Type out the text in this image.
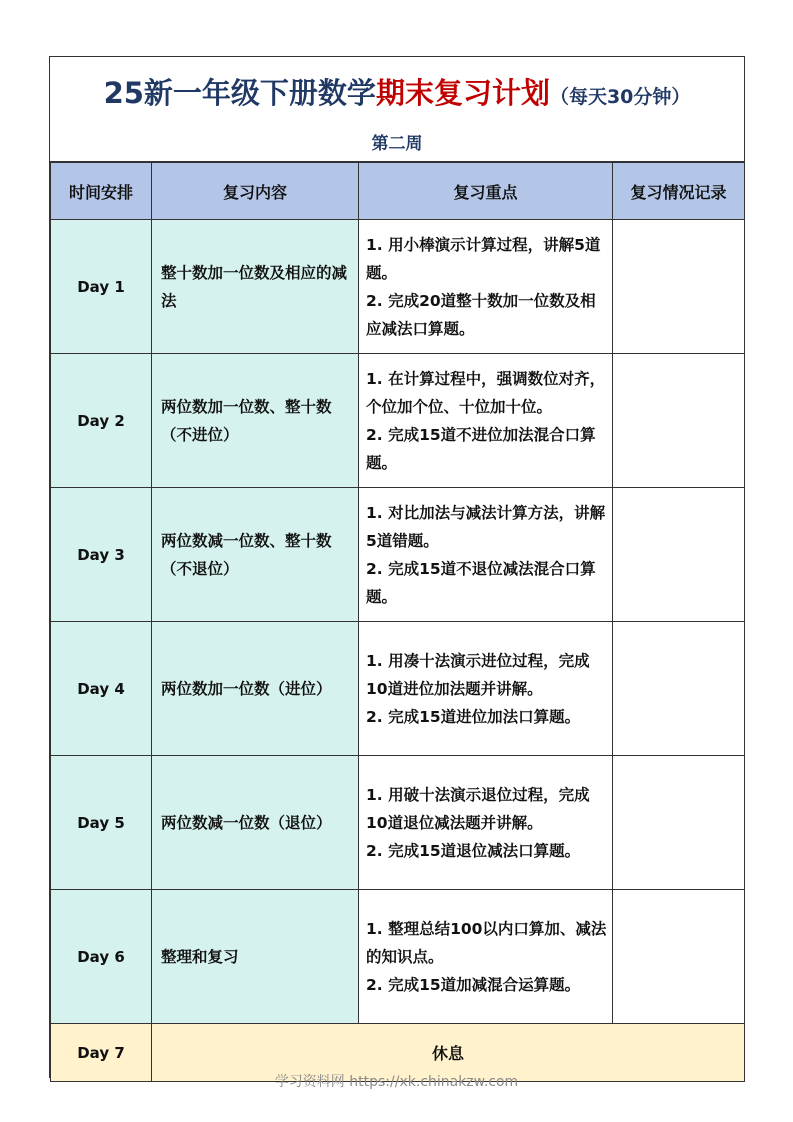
25新一年级下册数学期末复习计划（每天30分钟）
第二周
时间安排	复习内容	复习重点	复习情况记录
Day 1	整十数加一位数及相应的减法	1. 用小棒演示计算过程，讲解5道题。
2. 完成20道整十数加一位数及相应减法口算题。	

Day 2	两位数加一位数、整十数（不进位）	1. 在计算过程中，强调数位对齐，个位加个位、十位加十位。
2. 完成15道不进位加法混合口算题。	

Day 3	两位数减一位数、整十数（不退位）	1. 对比加法与减法计算方法，讲解5道错题。
2. 完成15道不退位减法混合口算题。	

Day 4	两位数加一位数（进位）	1. 用凑十法演示进位过程，完成10道进位加法题并讲解。
2. 完成15道进位加法口算题。	

Day 5	两位数减一位数（退位）	1. 用破十法演示退位过程，完成10道退位减法题并讲解。
2. 完成15道退位减法口算题。	

Day 6	整理和复习	1. 整理总结100以内口算加、减法的知识点。
2. 完成15道加减混合运算题。	

Day 7	休息		
学习资料网 https://xk.chinakzw.com
